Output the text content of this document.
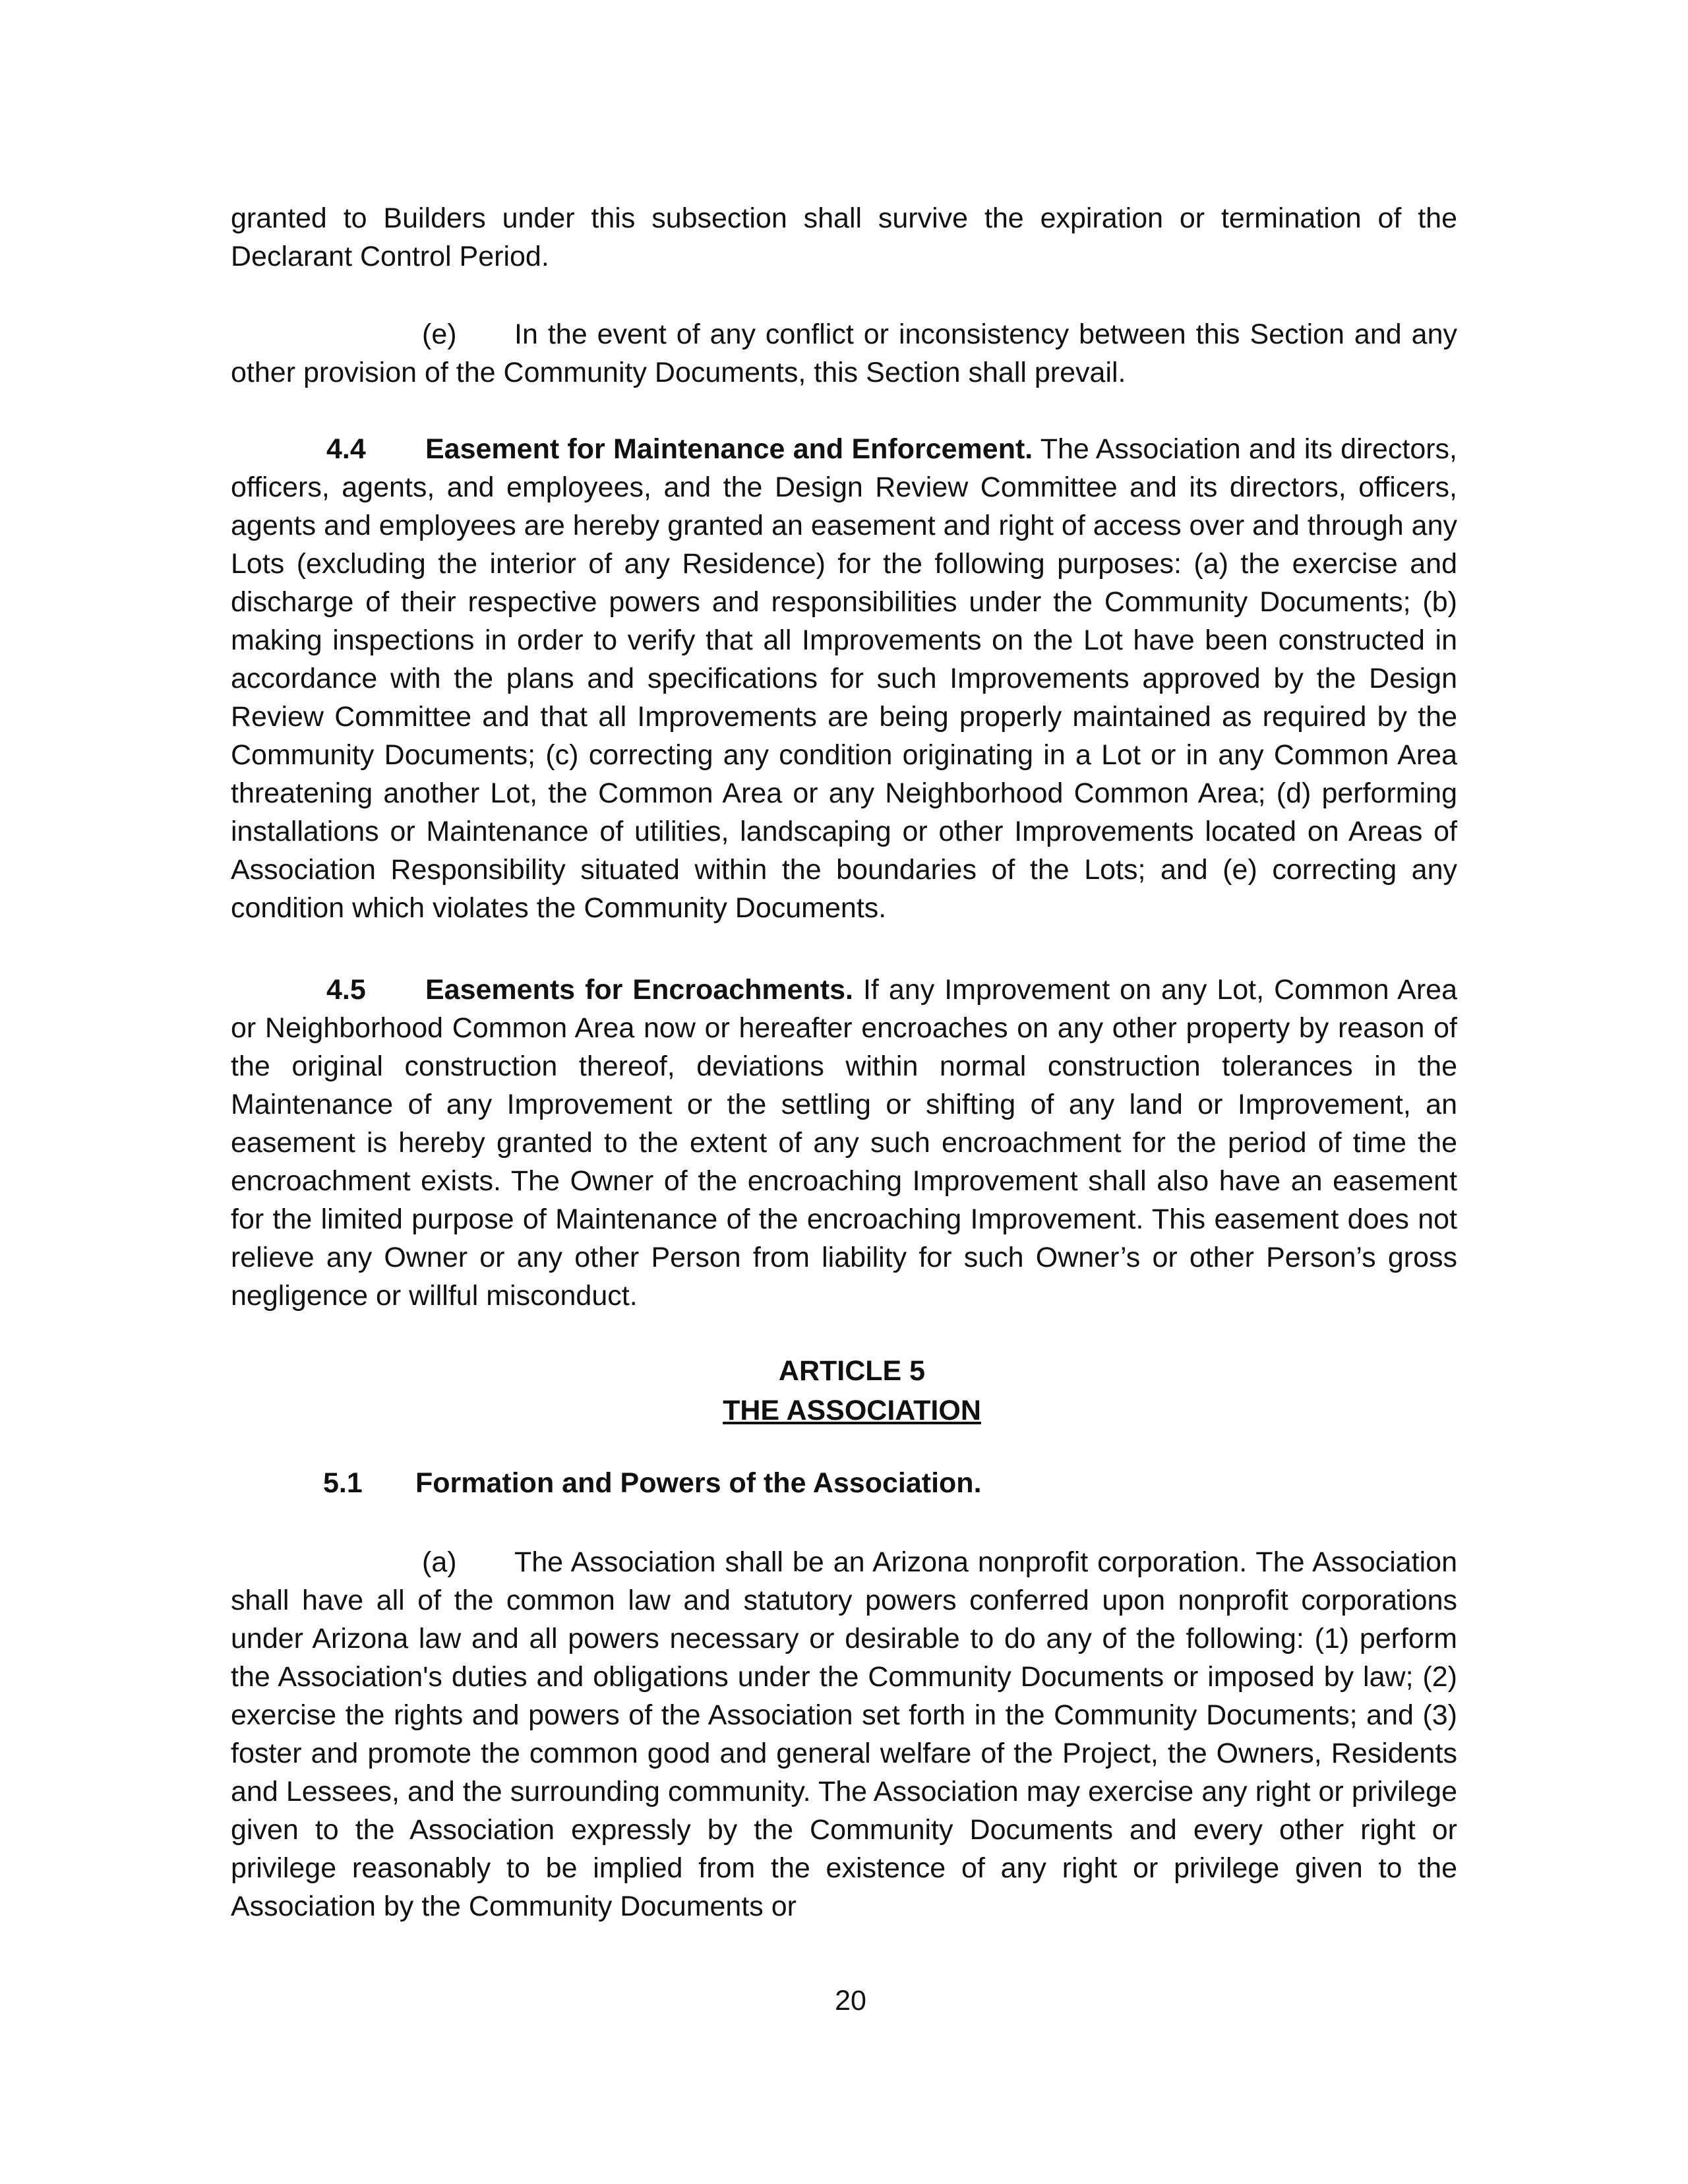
granted to Builders under this subsection shall survive the expiration or termination of the Declarant Control Period.

(e) In the event of any conflict or inconsistency between this Section and any other provision of the Community Documents, this Section shall prevail.

4.4 Easement for Maintenance and Enforcement. The Association and its directors, officers, agents, and employees, and the Design Review Committee and its directors, officers, agents and employees are hereby granted an easement and right of access over and through any Lots (excluding the interior of any Residence) for the following purposes: (a) the exercise and discharge of their respective powers and responsibilities under the Community Documents; (b) making inspections in order to verify that all Improvements on the Lot have been constructed in accordance with the plans and specifications for such Improvements approved by the Design Review Committee and that all Improvements are being properly maintained as required by the Community Documents; (c) correcting any condition originating in a Lot or in any Common Area threatening another Lot, the Common Area or any Neighborhood Common Area; (d) performing installations or Maintenance of utilities, landscaping or other Improvements located on Areas of Association Responsibility situated within the boundaries of the Lots; and (e) correcting any condition which violates the Community Documents.

4.5 Easements for Encroachments. If any Improvement on any Lot, Common Area or Neighborhood Common Area now or hereafter encroaches on any other property by reason of the original construction thereof, deviations within normal construction tolerances in the Maintenance of any Improvement or the settling or shifting of any land or Improvement, an easement is hereby granted to the extent of any such encroachment for the period of time the encroachment exists. The Owner of the encroaching Improvement shall also have an easement for the limited purpose of Maintenance of the encroaching Improvement. This easement does not relieve any Owner or any other Person from liability for such Owner’s or other Person’s gross negligence or willful misconduct.

ARTICLE 5
THE ASSOCIATION
5.1 Formation and Powers of the Association.

(a) The Association shall be an Arizona nonprofit corporation. The Association shall have all of the common law and statutory powers conferred upon nonprofit corporations under Arizona law and all powers necessary or desirable to do any of the following: (1) perform the Association's duties and obligations under the Community Documents or imposed by law; (2) exercise the rights and powers of the Association set forth in the Community Documents; and (3) foster and promote the common good and general welfare of the Project, the Owners, Residents and Lessees, and the surrounding community. The Association may exercise any right or privilege given to the Association expressly by the Community Documents and every other right or privilege reasonably to be implied from the existence of any right or privilege given to the Association by the Community Documents or

20
